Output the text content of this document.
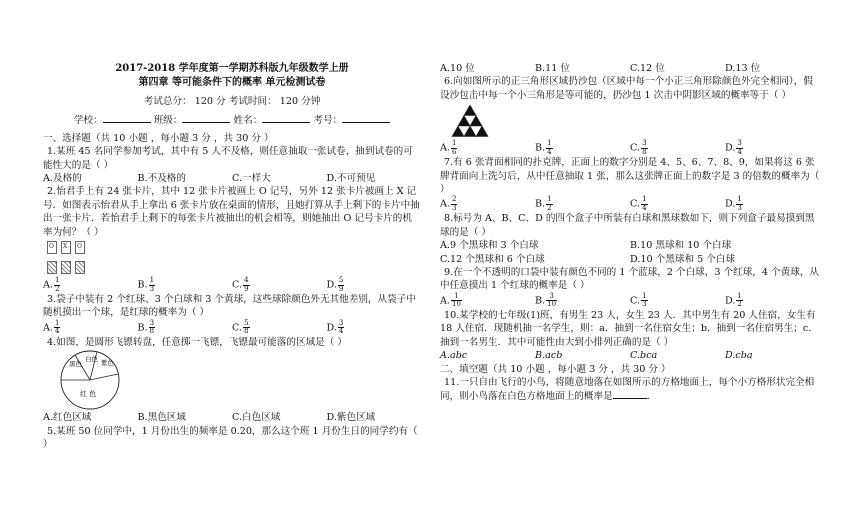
2017-2018 学年度第一学期苏科版九年级数学上册

第四章 等可能条件下的概率 单元检测试卷

考试总分： 120 分 考试时间： 120 分钟

学校：	班级：	姓名：	考号：

一、选择题（共 10 小题 ，每小题 3 分 ，共 30 分 ）

1.某班 45 名同学参加考试，其中有 5 人不及格，则任意抽取一张试卷，抽到试卷的可能性大的是（ ）

A.及格的	B.不及格的	C.一样大	D.不可预见

2.怡君手上有 24 张卡片，其中 12 张卡片被画上 O 记号，另外 12 张卡片被画上 X 记号．如图表示怡君从手上拿出 6 张卡片放在桌面的情形，且她打算从手上剩下的卡片中抽出一张卡片．若怡君手上剩下的每张卡片被抽出的机会相等，则她抽出 O 记号卡片的机率为何？（ ）

O
X
O
A. $\frac{1}{2}$	B. $\frac{1}{3}$	C. $\frac{4}{9}$	D. $\frac{5}{9}$

3.袋子中装有 2 个红球、3 个白球和 3 个黄球，这些球除颜色外无其他差别，从袋子中随机摸出一个球，是红球的概率为（ ）

A. $\frac{1}{4}$	B. $\frac{3}{8}$	C. $\frac{5}{8}$	D. $\frac{3}{4}$

4.如图，是圆形飞镖转盘，任意掷一飞镖，飞镖最可能落的区域是（ ）

黑色
白色 紫色
红 色
A.红色区域	B.黑色区域	C.白色区域	D.紫色区域

5.某班 50 位同学中，1 月份出生的频率是 0.20，那么这个班 1 月份生日的同学约有（ ）

A.10 位	B.11 位	C.12 位	D.13 位

6.向如图所示的正三角形区域扔沙包（区域中每一个小正三角形除颜色外完全相同），假设沙包击中每一个小三角形是等可能的，扔沙包 1 次击中阴影区域的概率等于（ ）

A. $\frac{1}{6}$	B. $\frac{1}{4}$	C. $\frac{3}{8}$	D. $\frac{3}{4}$

7.有 6 张背面相同的扑克牌，正面上的数字分别是 4、5、6、7、8、9，如果将这 6 张牌背面向上洗匀后，从中任意抽取 1 张，那么这张牌正面上的数字是 3 的倍数的概率为（ ）

A. $\frac{2}{3}$	B. $\frac{1}{2}$	C. $\frac{1}{4}$	D. $\frac{1}{3}$

8.标号为 A、B、C、D 的四个盒子中所装有白球和黑球数如下，则下列盒子最易摸到黑球的是（ ）

A.9 个黑球和 3 个白球	B.10 黑球和 10 个白球
C.12 个黑球和 6 个白球	D.10 个黑球和 5 个白球

9.在一个不透明的口袋中装有颜色不同的 1 个蓝球，2 个白球，3 个红球，4 个黄球，从中任意摸出 1 个红球的概率是（ ）

A. $\frac{1}{10}$	B. $\frac{3}{10}$	C. $\frac{1}{3}$	D. $\frac{1}{2}$

10.某学校的七年级(1)班，有男生 23 人，女生 23 人．其中男生有 20 人住宿，女生有 18 人住宿．现随机抽一名学生，则：a．抽到一名住宿女生；b．抽到一名住宿男生；c．抽到一名男生．其中可能性由大到小排列正确的是（ ）

A.abc	B.acb	C.bca	D.cba

二、填空题（共 10 小题 ，每小题 3 分 ，共 30 分 ）

11.一只自由飞行的小鸟，将随意地落在如图所示的方格地面上，每个小方格形状完全相同，则小鸟落在白色方格地面上的概率是	．
